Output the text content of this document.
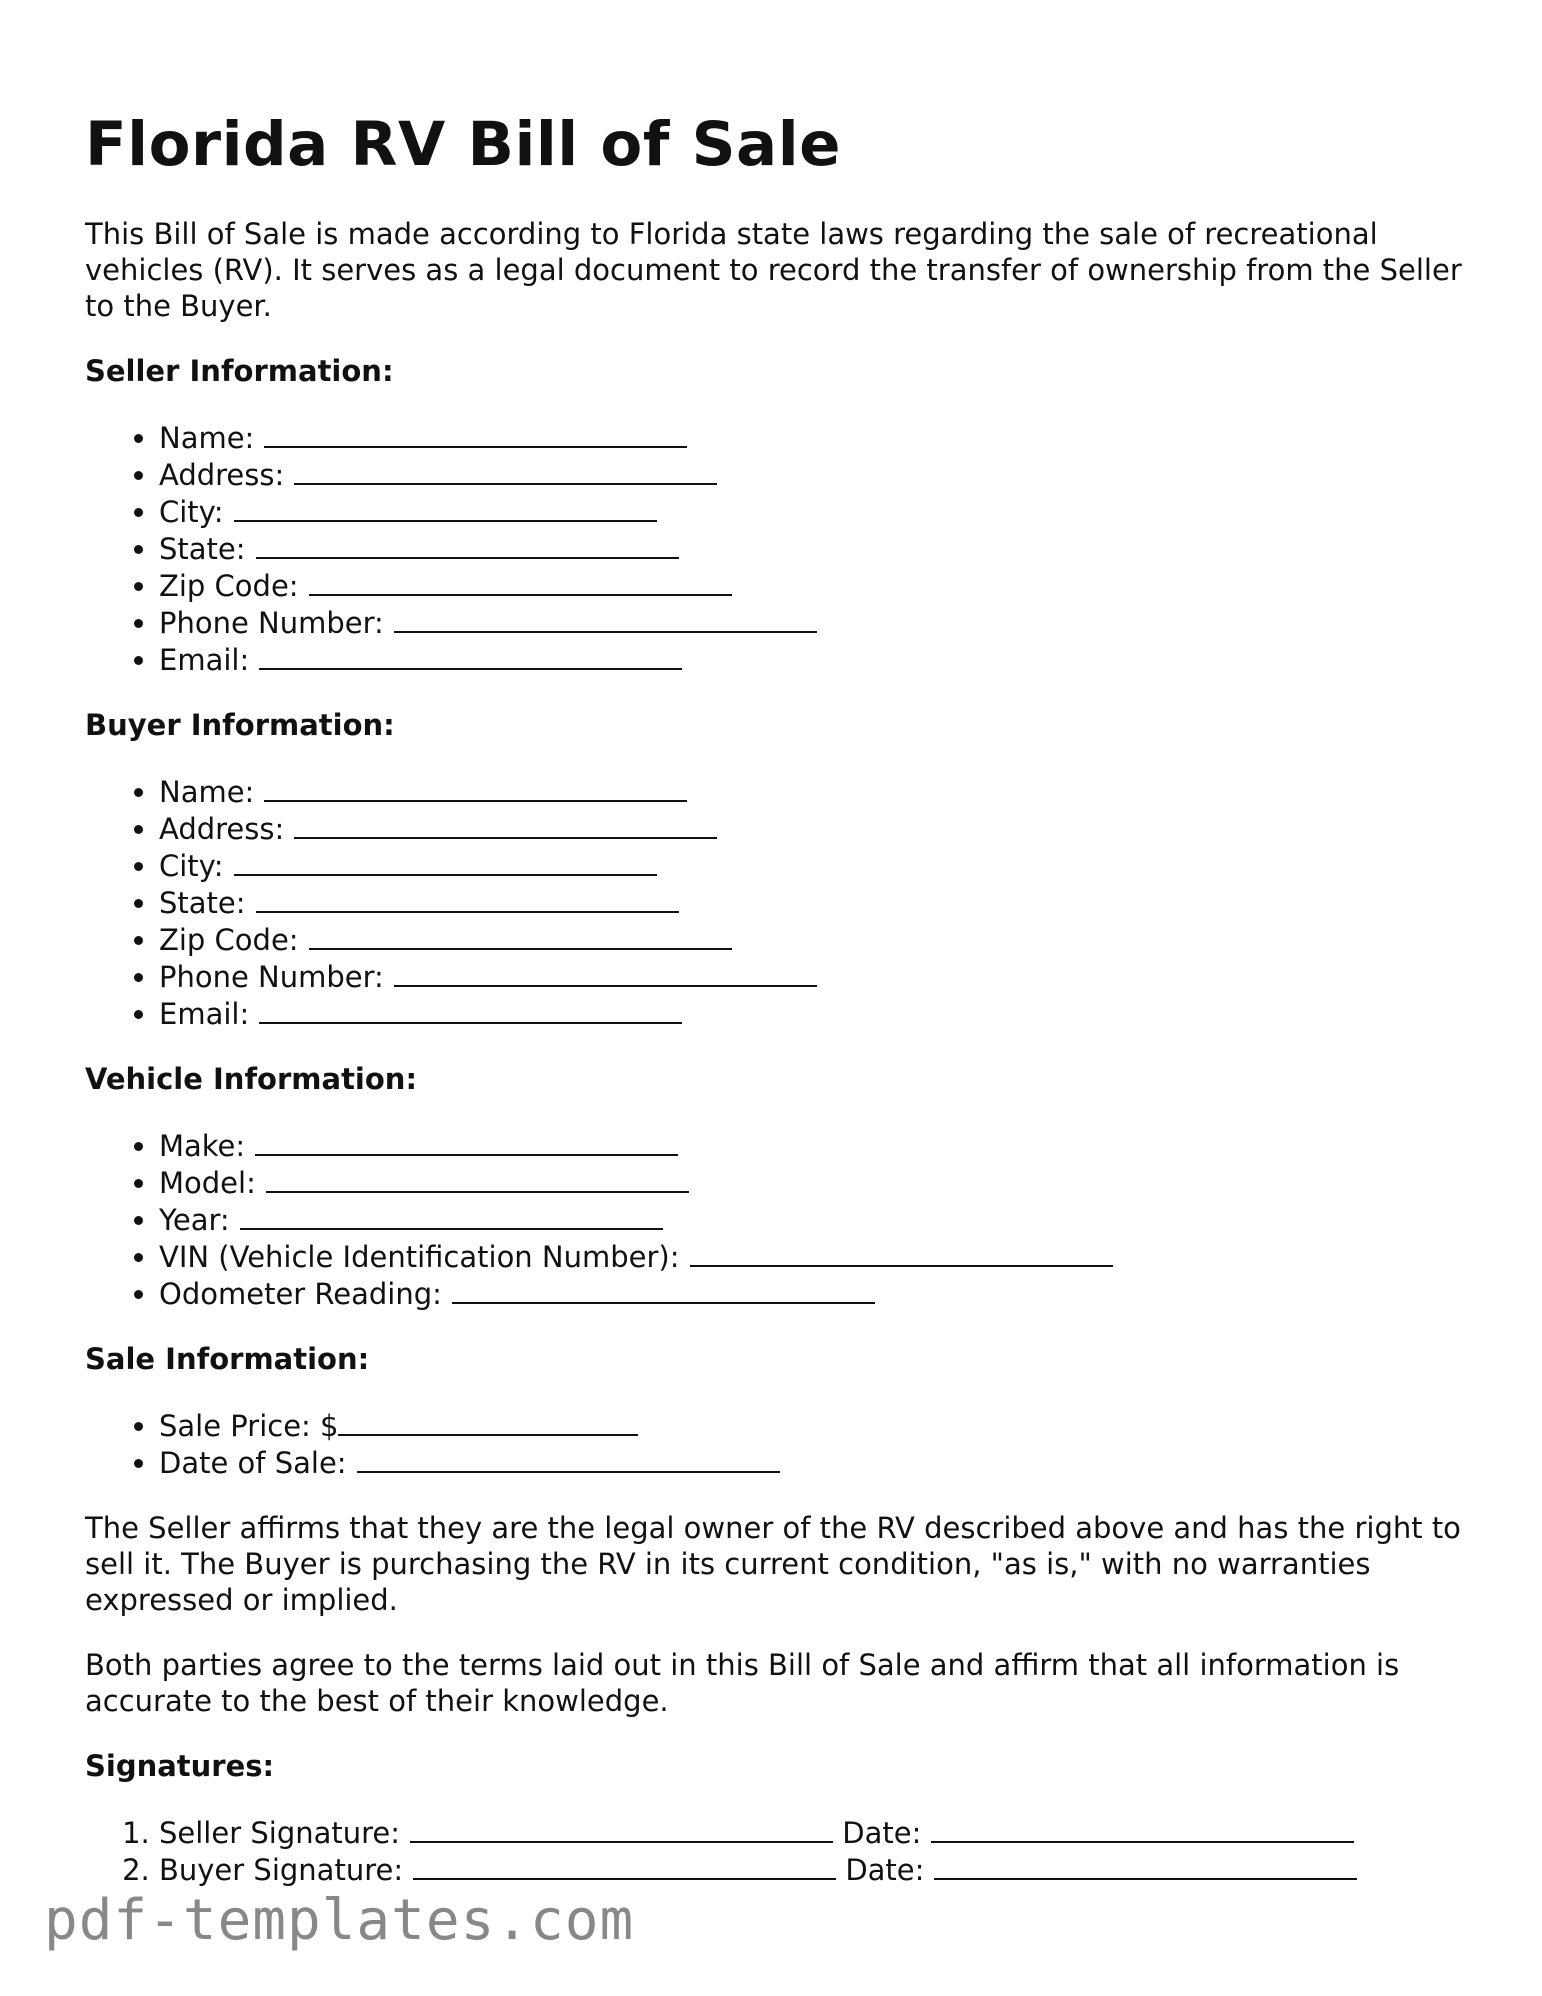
Florida RV Bill of Sale

This Bill of Sale is made according to Florida state laws regarding the sale of recreational vehicles (RV). It serves as a legal document to record the transfer of ownership from the Seller to the Buyer.

Seller Information:
• Name:
• Address:
• City:
• State:
• Zip Code:
• Phone Number:
• Email:
Buyer Information:
• Name:
• Address:
• City:
• State:
• Zip Code:
• Phone Number:
• Email:
Vehicle Information:
• Make:
• Model:
• Year:
• VIN (Vehicle Identification Number):
• Odometer Reading:
Sale Information:
• Sale Price: $
• Date of Sale:

The Seller affirms that they are the legal owner of the RV described above and has the right to sell it. The Buyer is purchasing the RV in its current condition, "as is," with no warranties expressed or implied.

Both parties agree to the terms laid out in this Bill of Sale and affirm that all information is accurate to the best of their knowledge.

Signatures:
1. Seller Signature:	Date:
2. Buyer Signature:	Date:
pdf-templates.com
